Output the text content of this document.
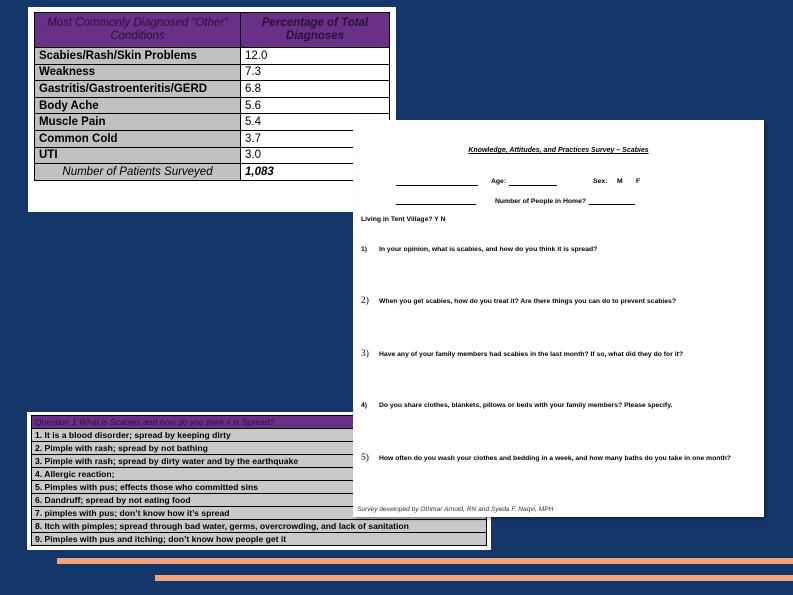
Most Commonly Diagnosed “Other” Conditions	Percentage of Total Diagnoses
Scabies/Rash/Skin Problems	12.0
Weakness	7.3
Gastritis/Gastroenteritis/GERD	6.8
Body Ache	5.6
Muscle Pain	5.4
Common Cold	3.7
UTI	3.0
Number of Patients Surveyed	1,083
Question 1 What is Scabies and how do you think it is Spread?
1. It is a blood disorder; spread by keeping dirty
2. Pimple with rash; spread by not bathing
3. Pimple with rash; spread by dirty water and by the earthquake
4. Allergic reaction;
5. Pimples with pus; effects those who committed sins
6. Dandruff; spread by not eating food
7. pimples with pus; don’t know how it’s spread
8. Itch with pimples; spread through bad water, germs, overcrowding, and lack of sanitation
9. Pimples with pus and itching; don’t know how people get it
Knowledge, Attitudes, and Practices Survey – Scabies
Age:	Sex: M F
Number of People in Home?
Living in Tent Village? Y N
1) In your opinion, what is scabies, and how do you think it is spread?
2) When you get scabies, how do you treat it? Are there things you can do to prevent scabies?
3) Have any of your family members had scabies in the last month? If so, what did they do for it?
4) Do you share clothes, blankets, pillows or beds with your family members? Please specify.
5) How often do you wash your clothes and bedding in a week, and how many baths do you take in one month?
Survey developed by Othmar Arnold, RN and Syeda F. Naqvi, MPH
